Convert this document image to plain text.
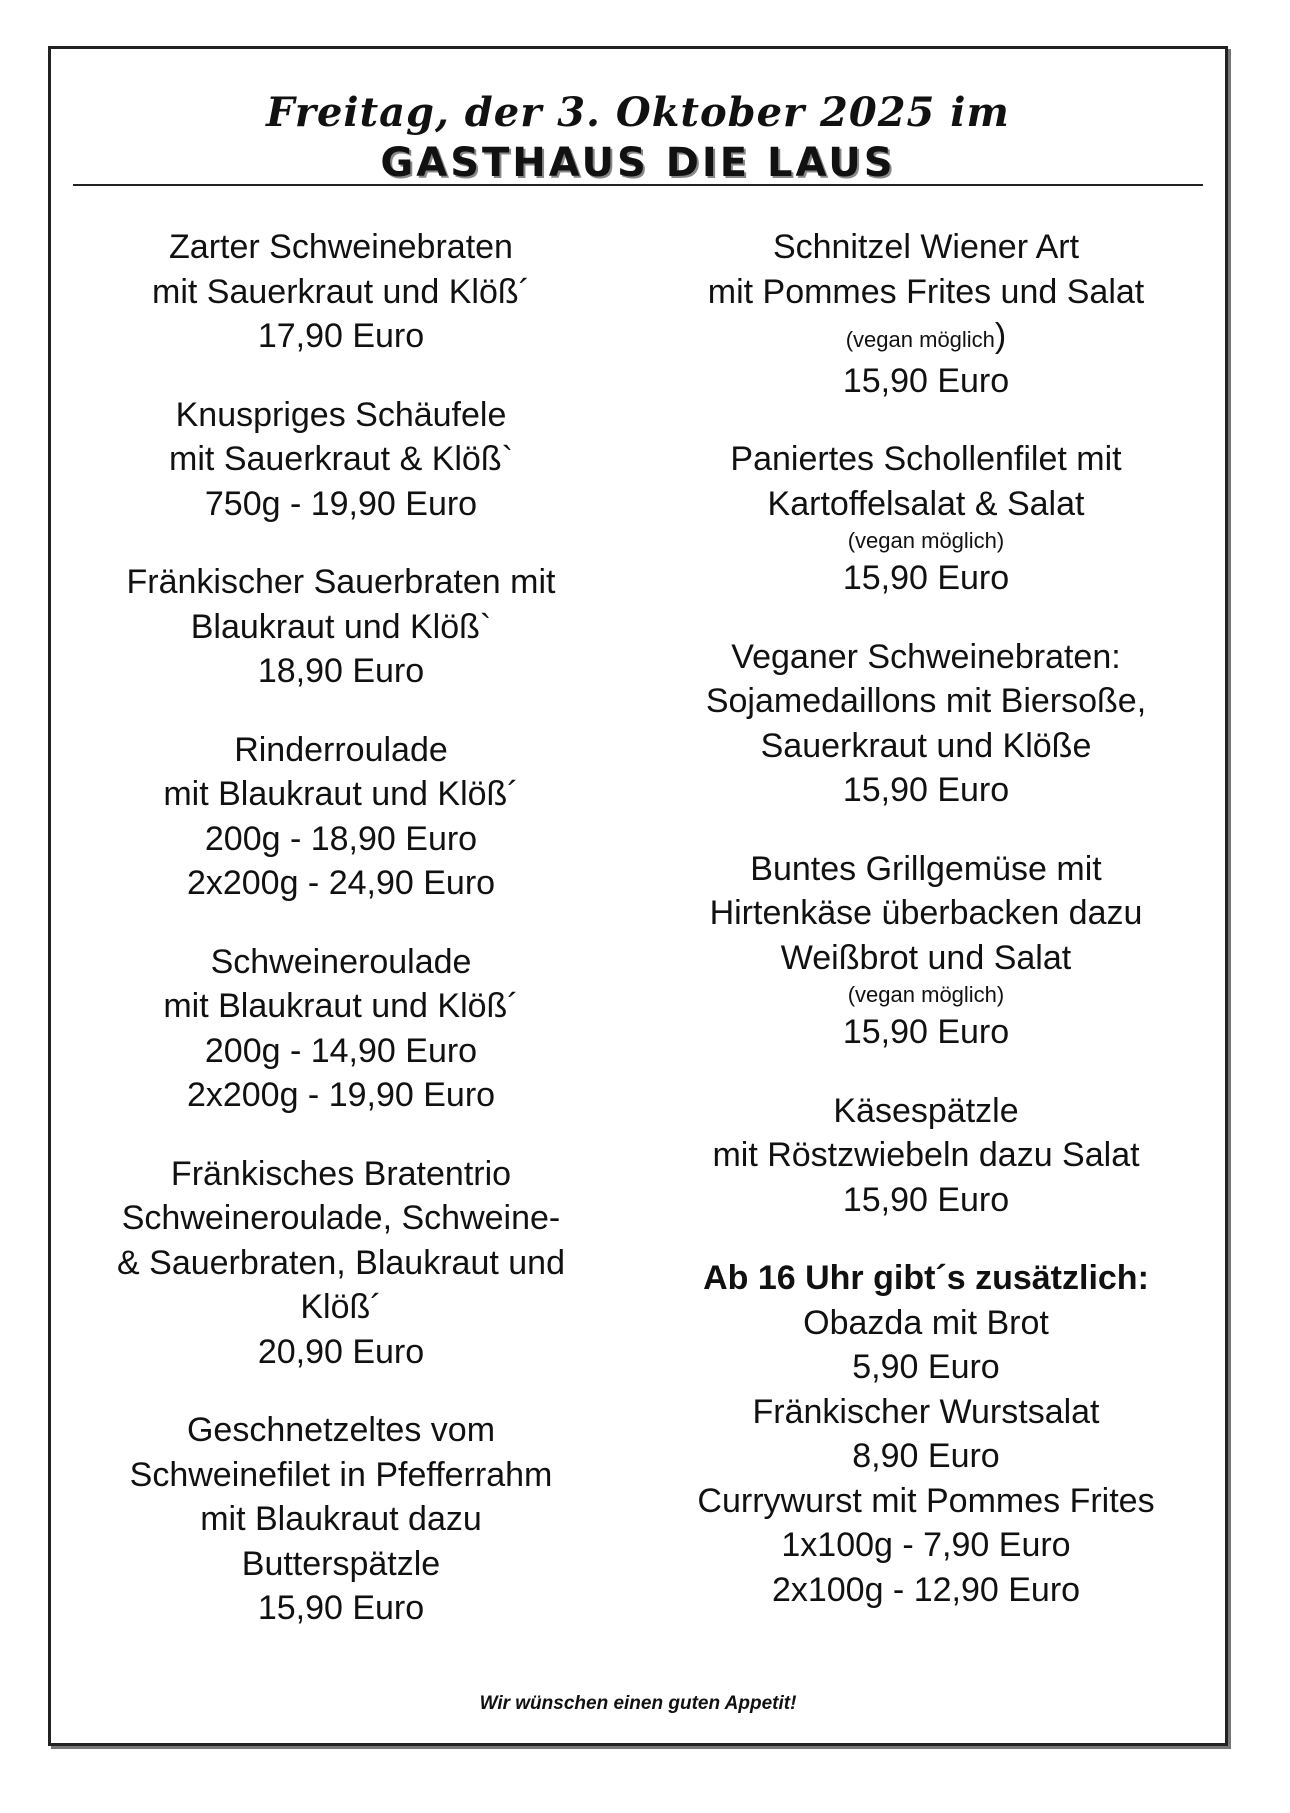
Freitag, der 3. Oktober 2025 im
GASTHAUS DIE LAUS
Zarter Schweinebraten
mit Sauerkraut und Klöß´
17,90 Euro
Knuspriges Schäufele
mit Sauerkraut & Klöß`
750g - 19,90 Euro
Fränkischer Sauerbraten mit
Blaukraut und Klöß`
18,90 Euro
Rinderroulade
mit Blaukraut und Klöß´
200g - 18,90 Euro
2x200g - 24,90 Euro
Schweineroulade
mit Blaukraut und Klöß´
200g - 14,90 Euro
2x200g - 19,90 Euro
Fränkisches Bratentrio
Schweineroulade, Schweine-
& Sauerbraten, Blaukraut und
Klöß´
20,90 Euro
Geschnetzeltes vom
Schweinefilet in Pfefferrahm
mit Blaukraut dazu
Butterspätzle
15,90 Euro
Schnitzel Wiener Art
mit Pommes Frites und Salat
(vegan möglich)
15,90 Euro
Paniertes Schollenfilet mit
Kartoffelsalat & Salat
(vegan möglich)
15,90 Euro
Veganer Schweinebraten:
Sojamedaillons mit Biersoße,
Sauerkraut und Klöße
15,90 Euro
Buntes Grillgemüse mit
Hirtenkäse überbacken dazu
Weißbrot und Salat
(vegan möglich)
15,90 Euro
Käsespätzle
mit Röstzwiebeln dazu Salat
15,90 Euro
Ab 16 Uhr gibt´s zusätzlich:
Obazda mit Brot
5,90 Euro
Fränkischer Wurstsalat
8,90 Euro
Currywurst mit Pommes Frites
1x100g - 7,90 Euro
2x100g - 12,90 Euro
Wir wünschen einen guten Appetit!
